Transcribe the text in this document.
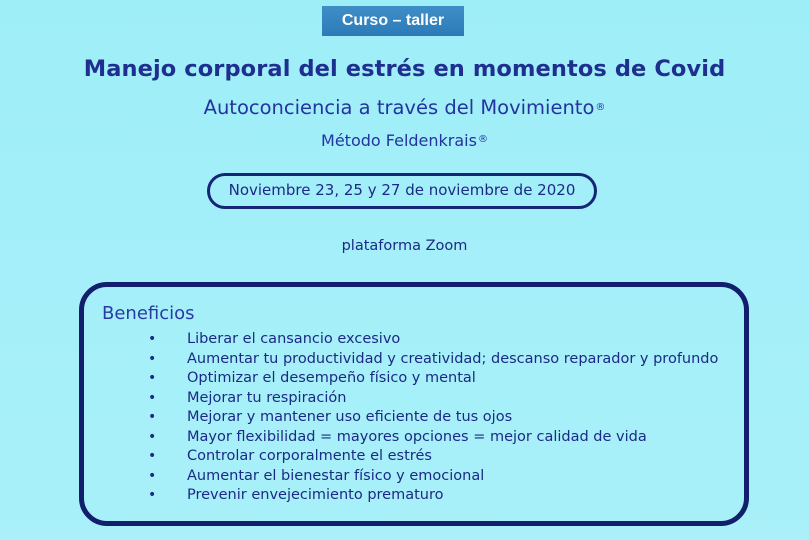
Curso – taller
Manejo corporal del estrés en momentos de Covid
Autoconciencia a través del Movimiento®
Método Feldenkrais®
Noviembre 23, 25 y 27 de noviembre de 2020
plataforma Zoom
Beneficios
• Liberar el cansancio excesivo
• Aumentar tu productividad y creatividad; descanso reparador y profundo
• Optimizar el desempeño físico y mental
• Mejorar tu respiración
• Mejorar y mantener uso eficiente de tus ojos
• Mayor flexibilidad = mayores opciones = mejor calidad de vida
• Controlar corporalmente el estrés
• Aumentar el bienestar físico y emocional
• Prevenir envejecimiento prematuro
